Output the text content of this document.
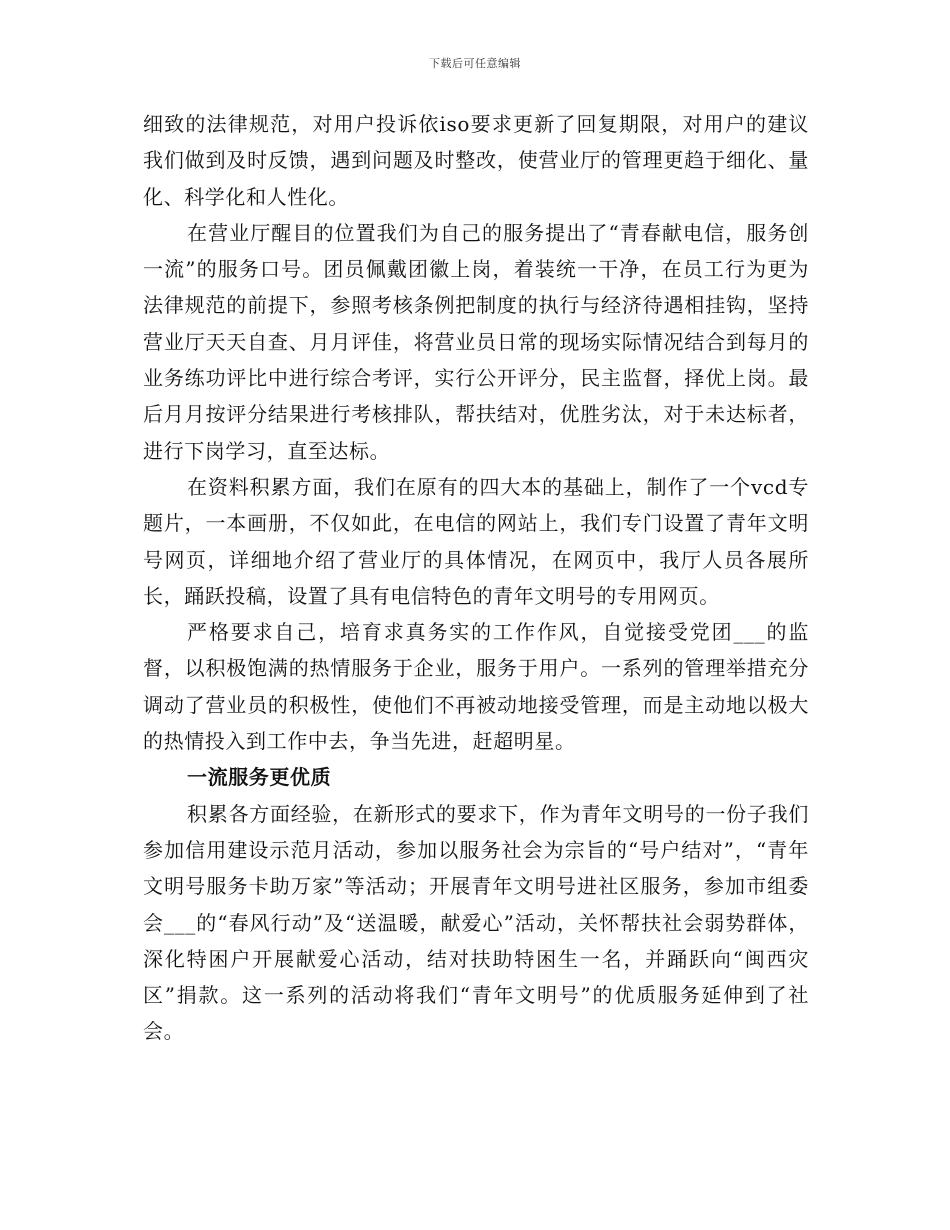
下载后可任意编辑

细致的法律规范，对用户投诉依iso要求更新了回复期限，对用户的建议我们做到及时反馈，遇到问题及时整改，使营业厅的管理更趋于细化、量化、科学化和人性化。

在营业厅醒目的位置我们为自己的服务提出了“青春献电信，服务创一流”的服务口号。团员佩戴团徽上岗，着装统一干净，在员工行为更为法律规范的前提下，参照考核条例把制度的执行与经济待遇相挂钩，坚持营业厅天天自查、月月评佳，将营业员日常的现场实际情况结合到每月的业务练功评比中进行综合考评，实行公开评分，民主监督，择优上岗。最后月月按评分结果进行考核排队，帮扶结对，优胜劣汰，对于未达标者，进行下岗学习，直至达标。

在资料积累方面，我们在原有的四大本的基础上，制作了一个vcd专题片，一本画册，不仅如此，在电信的网站上，我们专门设置了青年文明号网页，详细地介绍了营业厅的具体情况，在网页中，我厅人员各展所长，踊跃投稿，设置了具有电信特色的青年文明号的专用网页。

严格要求自己，培育求真务实的工作作风，自觉接受党团___的监督，以积极饱满的热情服务于企业，服务于用户。一系列的管理举措充分调动了营业员的积极性，使他们不再被动地接受管理，而是主动地以极大的热情投入到工作中去，争当先进，赶超明星。

一流服务更优质

积累各方面经验，在新形式的要求下，作为青年文明号的一份子我们参加信用建设示范月活动，参加以服务社会为宗旨的“号户结对”，“青年文明号服务卡助万家”等活动；开展青年文明号进社区服务，参加市组委会___的“春风行动”及“送温暖，献爱心”活动，关怀帮扶社会弱势群体，深化特困户开展献爱心活动，结对扶助特困生一名，并踊跃向“闽西灾区”捐款。这一系列的活动将我们“青年文明号”的优质服务延伸到了社会。
